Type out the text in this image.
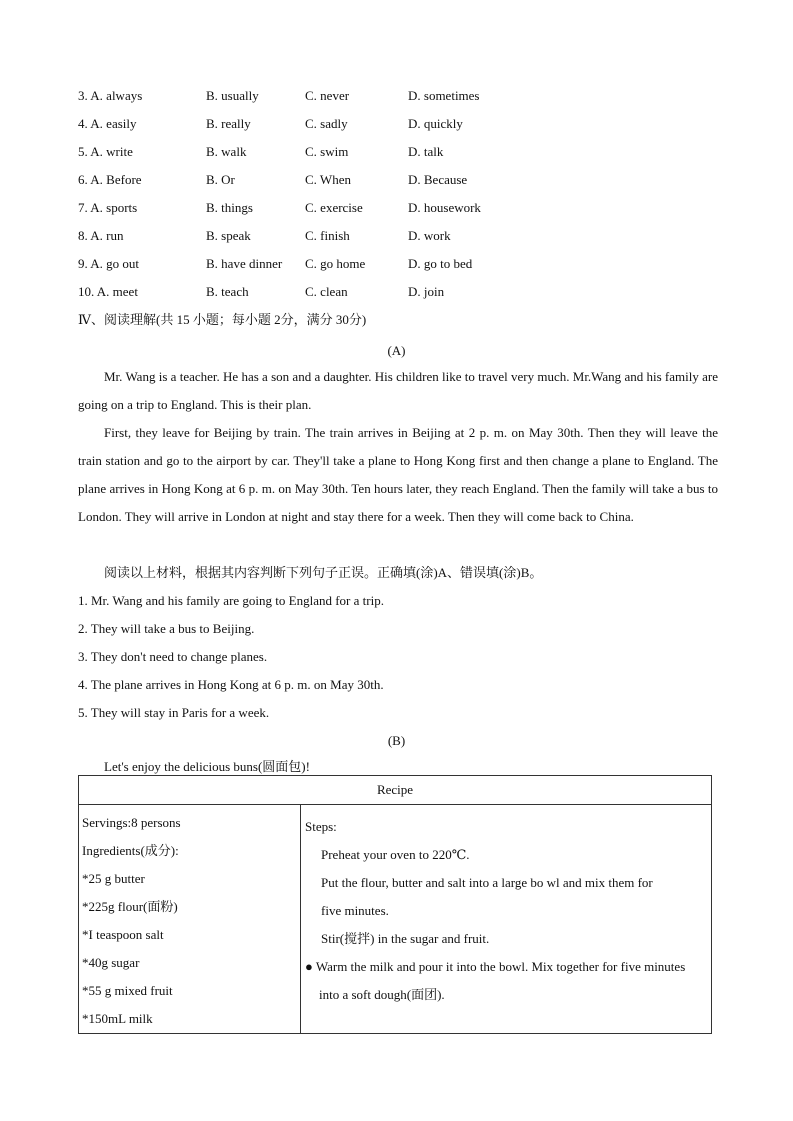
3. A. always	B. usually	C. never	D. sometimes
4. A. easily	B. really	C. sadly	D. quickly
5. A. write	B. walk	C. swim	D. talk
6. A. Before	B. Or	C. When	D. Because
7. A. sports	B. things	C. exercise	D. housework
8. A. run	B. speak	C. finish	D. work
9. A. go out	B. have dinner C. go home	D. go to bed
10. A. meet	B. teach	C. clean	D. join
Ⅳ、阅读理解(共 15 小题；每小题 2分，满分 30分)
(A)
Mr. Wang is a teacher. He has a son and a daughter. His children like to travel very much. Mr.Wang and his family are going on a trip to England. This is their plan.
First, they leave for Beijing by train. The train arrives in Beijing at 2 p. m. on May 30th. Then they will leave the train station and go to the airport by car. They'll take a plane to Hong Kong first and then change a plane to England. The plane arrives in Hong Kong at 6 p. m. on May 30th. Ten hours later, they reach England. Then the family will take a bus to London. They will arrive in London at night and stay there for a week. Then they will come back to China.
阅读以上材料，根据其内容判断下列句子正误。正确填(涂)A、错误填(涂)B。
1. Mr. Wang and his family are going to England for a trip.
2. They will take a bus to Beijing.
3. They don't need to change planes.
4. The plane arrives in Hong Kong at 6 p. m. on May 30th.
5. They will stay in Paris for a week.
(B)
Let's enjoy the delicious buns(圆面包)!
Recipe

Servings:8 persons
Ingredients(成分):
*25 g butter
*225g flour(面粉)
*I teaspoon salt
*40g sugar
*55 g mixed fruit
*150mL milk

Steps:
Preheat your oven to 220℃.
Put the flour, butter and salt into a large bo wl and mix them for
five minutes.
Stir(搅拌) in the sugar and fruit.
● Warm the milk and pour it into the bowl. Mix together for five minutes
into a soft dough(面团).
